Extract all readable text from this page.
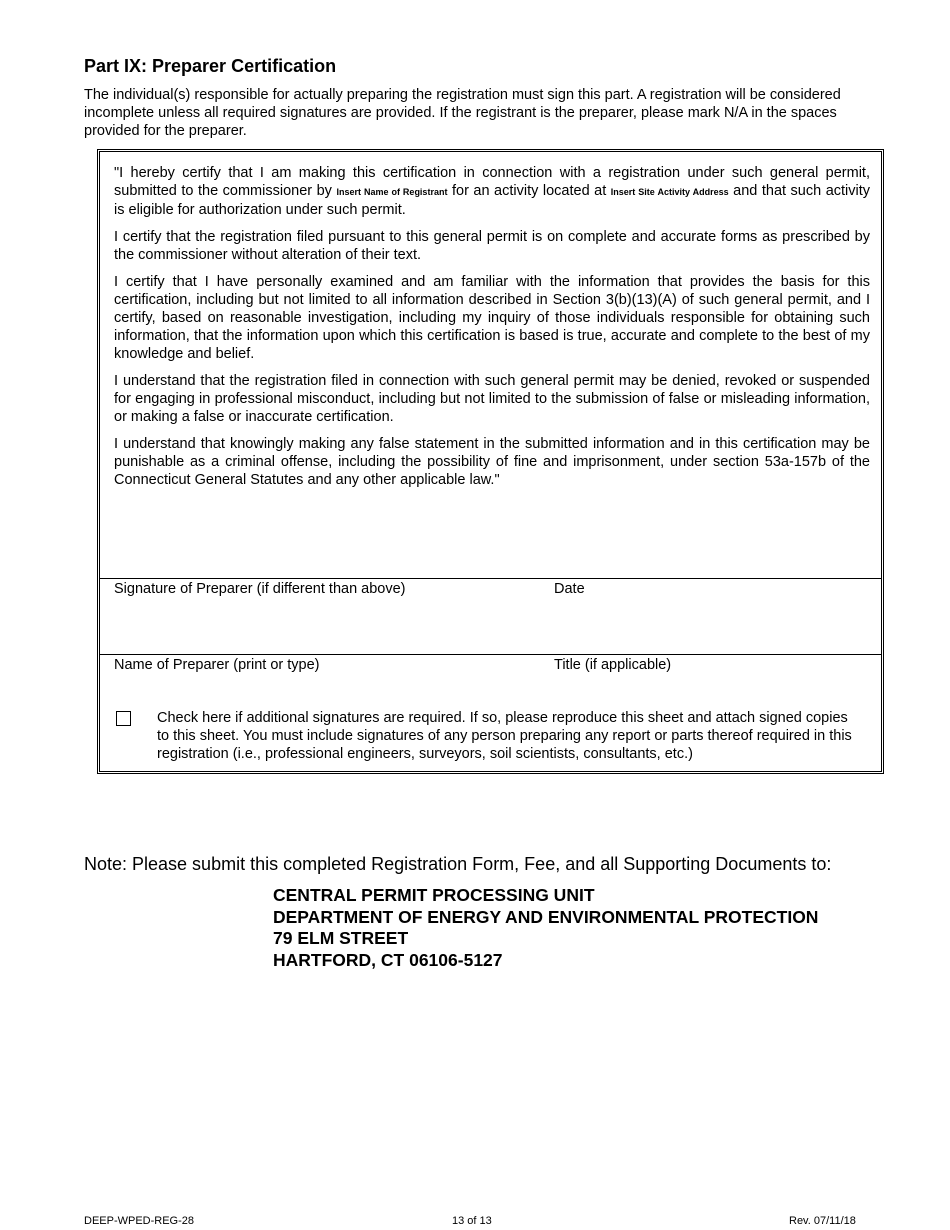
Part IX: Preparer Certification

The individual(s) responsible for actually preparing the registration must sign this part. A registration will be considered incomplete unless all required signatures are provided. If the registrant is the preparer, please mark N/A in the spaces provided for the preparer.

"I hereby certify that I am making this certification in connection with a registration under such general permit, submitted to the commissioner by Insert Name of Registrant for an activity located at Insert Site Activity Address and that such activity is eligible for authorization under such permit.

I certify that the registration filed pursuant to this general permit is on complete and accurate forms as prescribed by the commissioner without alteration of their text.

I certify that I have personally examined and am familiar with the information that provides the basis for this certification, including but not limited to all information described in Section 3(b)(13)(A) of such general permit, and I certify, based on reasonable investigation, including my inquiry of those individuals responsible for obtaining such information, that the information upon which this certification is based is true, accurate and complete to the best of my knowledge and belief.

I understand that the registration filed in connection with such general permit may be denied, revoked or suspended for engaging in professional misconduct, including but not limited to the submission of false or misleading information, or making a false or inaccurate certification.

I understand that knowingly making any false statement in the submitted information and in this certification may be punishable as a criminal offense, including the possibility of fine and imprisonment, under section 53a-157b of the Connecticut General Statutes and any other applicable law."

Signature of Preparer (if different than above)	Date
Name of Preparer (print or type)	Title (if applicable)
Check here if additional signatures are required. If so, please reproduce this sheet and attach signed copies to this sheet. You must include signatures of any person preparing any report or parts thereof required in this registration (i.e., professional engineers, surveyors, soil scientists, consultants, etc.)

Note: Please submit this completed Registration Form, Fee, and all Supporting Documents to:

CENTRAL PERMIT PROCESSING UNIT
DEPARTMENT OF ENERGY AND ENVIRONMENTAL PROTECTION
79 ELM STREET
HARTFORD, CT 06106-5127
DEEP-WPED-REG-28	13 of 13	Rev. 07/11/18
